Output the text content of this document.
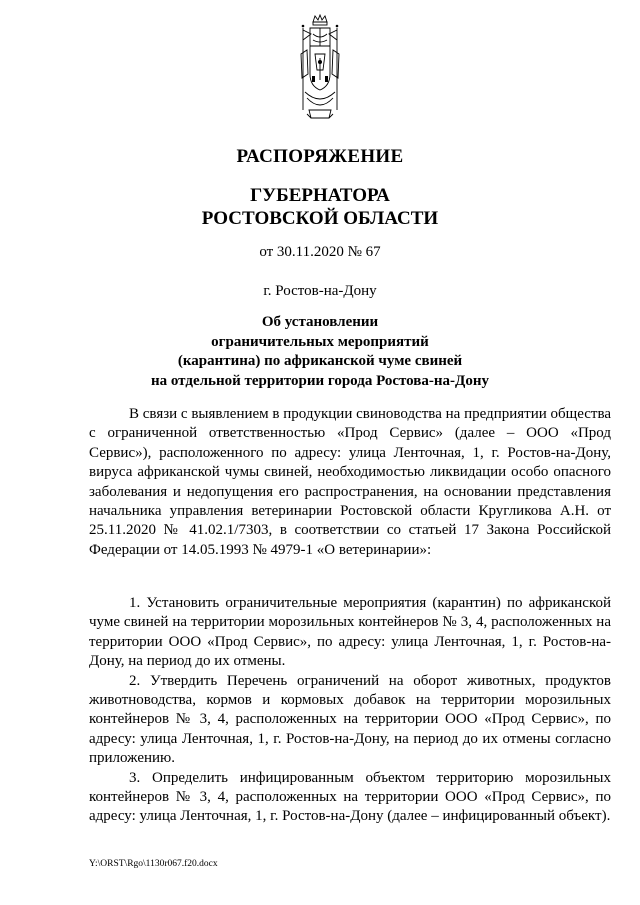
РАСПОРЯЖЕНИЕ
ГУБЕРНАТОРА
РОСТОВСКОЙ ОБЛАСТИ
от 30.11.2020 № 67
г. Ростов-на-Дону
Об установлении
ограничительных мероприятий
(карантина) по африканской чуме свиней
на отдельной территории города Ростова-на-Дону

В связи с выявлением в продукции свиноводства на предприятии общества с ограниченной ответственностью «Прод Сервис» (далее – ООО «Прод Сервис»), расположенного по адресу: улица Ленточная, 1, г. Ростов-на-Дону, вируса африканской чумы свиней, необходимостью ликвидации особо опасного заболевания и недопущения его распространения, на основании представления начальника управления ветеринарии Ростовской области Кругликова А.Н. от 25.11.2020 № 41.02.1/7303, в соответствии со статьей 17 Закона Российской Федерации от 14.05.1993 № 4979-1 «О ветеринарии»:

1. Установить ограничительные мероприятия (карантин) по африканской чуме свиней на территории морозильных контейнеров № 3, 4, расположенных на территории ООО «Прод Сервис», по адресу: улица Ленточная, 1, г. Ростов-на-Дону, на период до их отмены.

2. Утвердить Перечень ограничений на оборот животных, продуктов животноводства, кормов и кормовых добавок на территории морозильных контейнеров № 3, 4, расположенных на территории ООО «Прод Сервис», по адресу: улица Ленточная, 1, г. Ростов-на-Дону, на период до их отмены согласно приложению.

3. Определить инфицированным объектом территорию морозильных контейнеров № 3, 4, расположенных на территории ООО «Прод Сервис», по адресу: улица Ленточная, 1, г. Ростов-на-Дону (далее – инфицированный объект).

Y:\ORST\Rgo\1130r067.f20.docx
